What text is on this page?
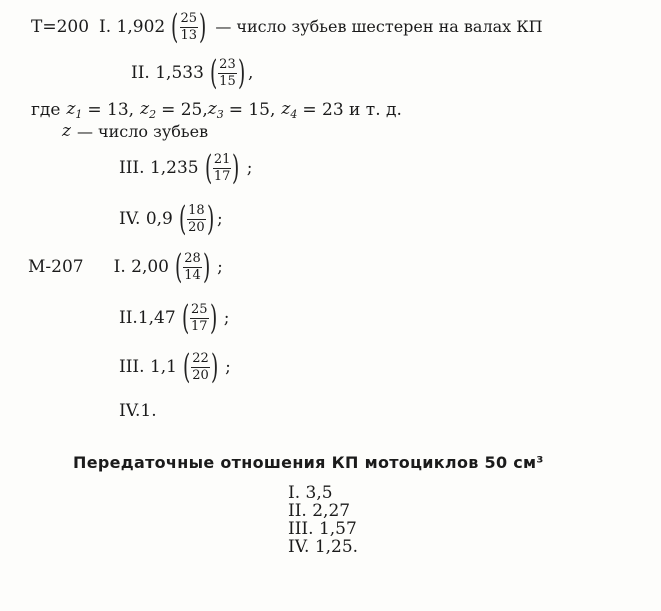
Т=200 I. 1,902 ( $\frac{25}{13}$ ) — число зубьев шестерен на валах КП
II. 1,533 ( $\frac{23}{15}$ ) ,
где $z_1 = 13$, $z_2 = 25$, $z_3 = 15$, $z_4 = 23$ и т. д.
z — число зубьев
III. 1,235 ( $\frac{21}{17}$ ) ;
IV. 0,9 ( $\frac{18}{20}$ ) ;
М-207 I. 2,00 ( $\frac{28}{14}$ ) ;
II.1,47 ( $\frac{25}{17}$ ) ;
III. 1,1 ( $\frac{22}{20}$ ) ;
IV.1.
Передаточные отношения КП мотоциклов 50 см³
I. 3,5
II. 2,27
III. 1,57
IV. 1,25.
